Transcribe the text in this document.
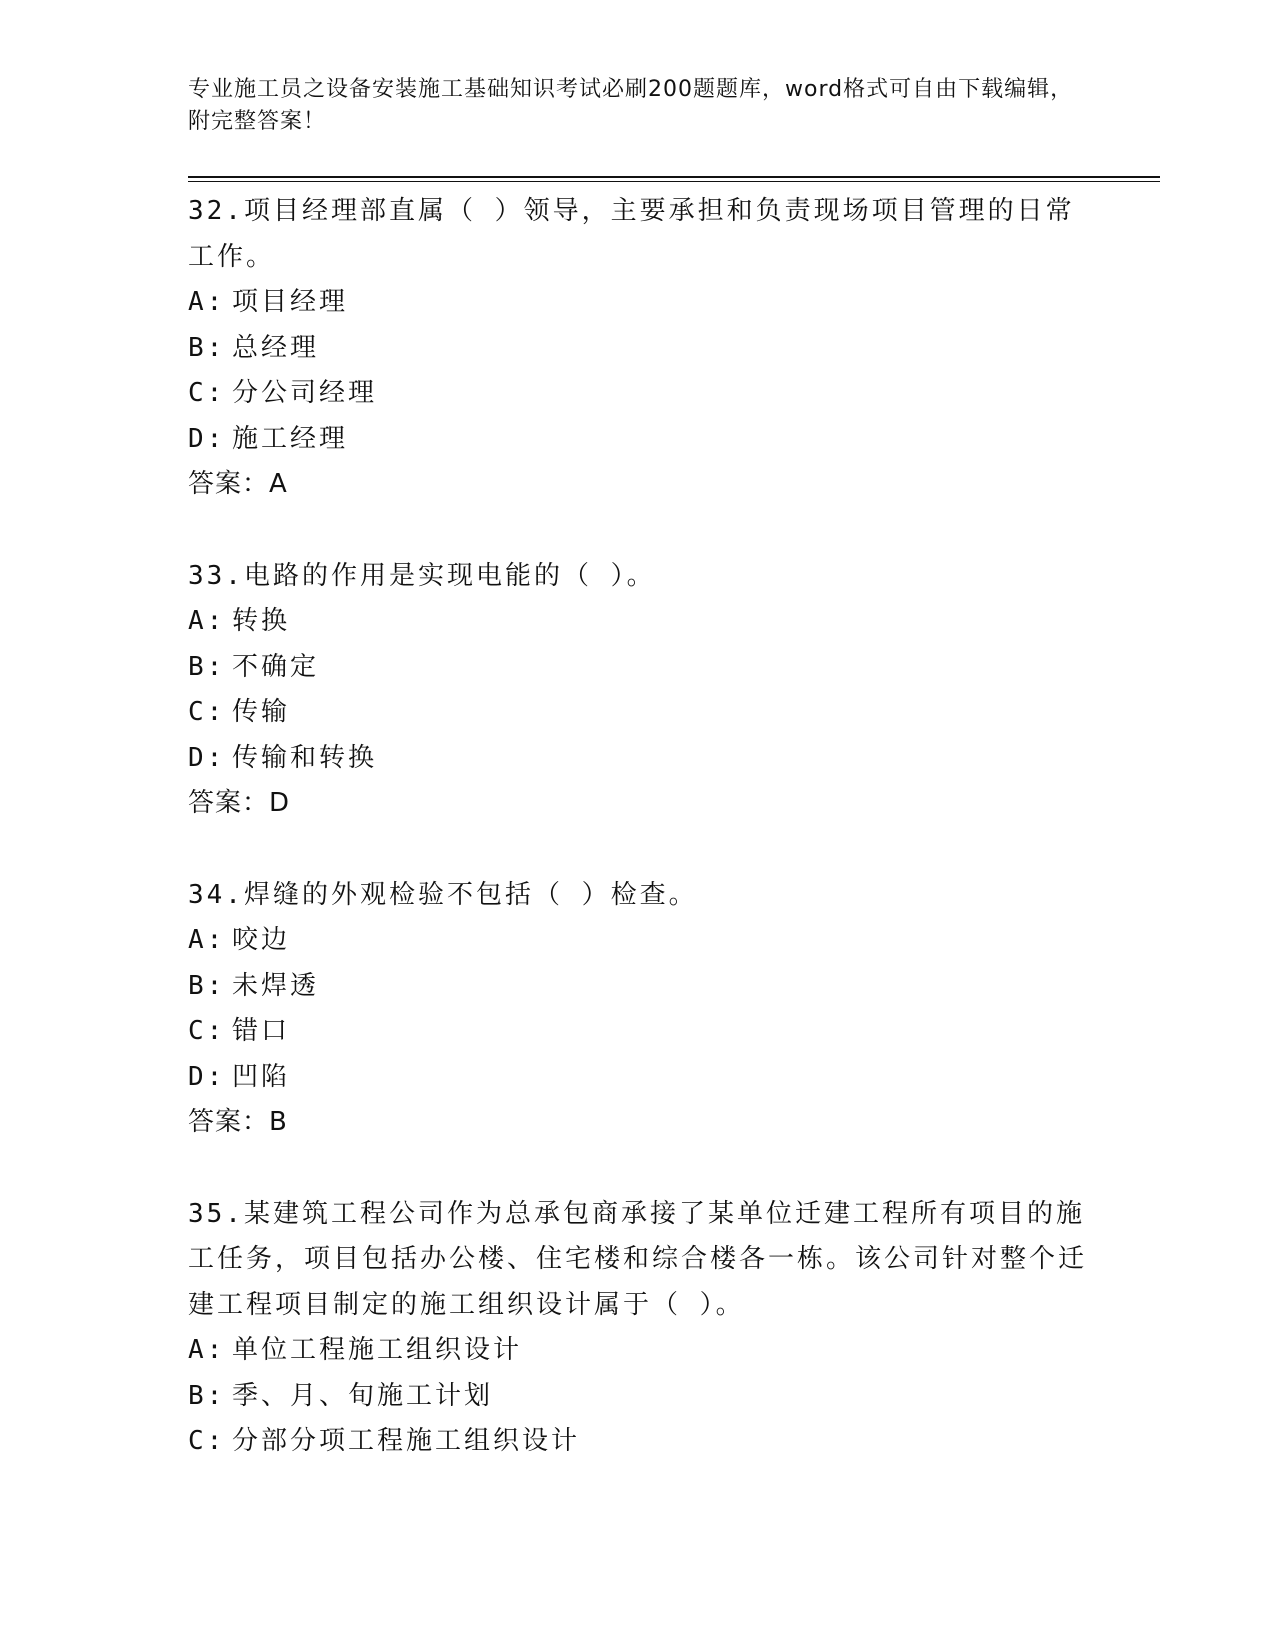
专业施工员之设备安装施工基础知识考试必刷200题题库，word格式可自由下载编辑，附完整答案！

32.项目经理部直属（ ）领导，主要承担和负责现场项目管理的日常工作。

A: 项目经理

B: 总经理

C: 分公司经理

D: 施工经理

答案：A

33.电路的作用是实现电能的（ ）。

A: 转换

B: 不确定

C: 传输

D: 传输和转换

答案：D

34.焊缝的外观检验不包括（ ）检查。

A: 咬边

B: 未焊透

C: 错口

D: 凹陷

答案：B

35.某建筑工程公司作为总承包商承接了某单位迁建工程所有项目的施工任务，项目包括办公楼、住宅楼和综合楼各一栋。该公司针对整个迁建工程项目制定的施工组织设计属于（ ）。

A: 单位工程施工组织设计

B: 季、月、旬施工计划

C: 分部分项工程施工组织设计
